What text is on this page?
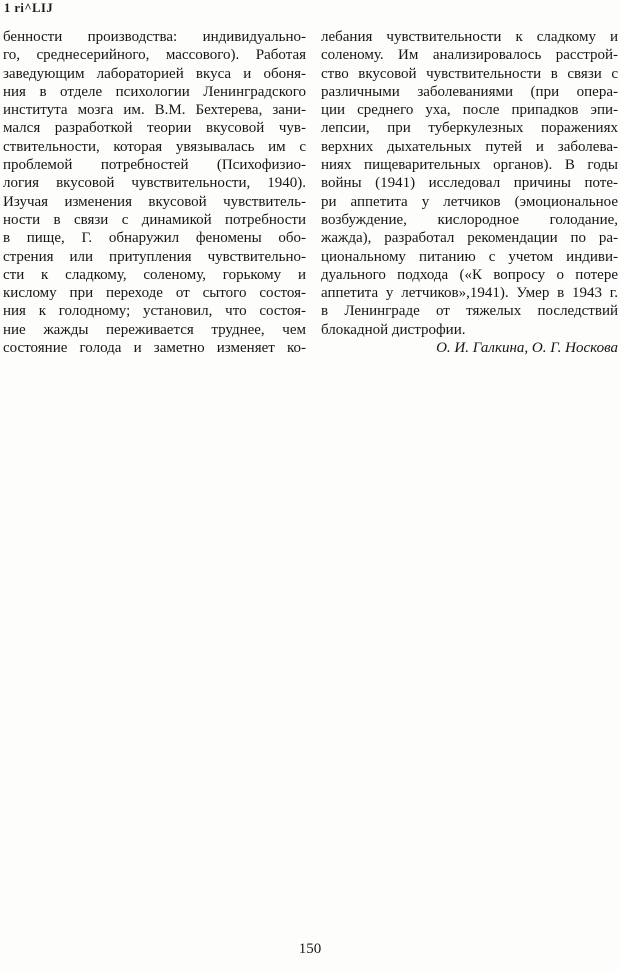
1 ri^LIJ
бенности производства: индивидуально-
го, среднесерийного, массового). Работая
заведующим лабораторией вкуса и обоня-
ния в отделе психологии Ленинградского
института мозга им. В.М. Бехтерева, зани-
мался разработкой теории вкусовой чув-
ствительности, которая увязывалась им с
проблемой потребностей (Психофизио-
логия вкусовой чувствительности, 1940).
Изучая изменения вкусовой чувствитель-
ности в связи с динамикой потребности
в пище, Г. обнаружил феномены обо-
стрения или притупления чувствительно-
сти к сладкому, соленому, горькому и
кислому при переходе от сытого состоя-
ния к голодному; установил, что состоя-
ние жажды переживается труднее, чем
состояние голода и заметно изменяет ко-
лебания чувствительности к сладкому и
соленому. Им анализировалось расстрой-
ство вкусовой чувствительности в связи с
различными заболеваниями (при опера-
ции среднего уха, после припадков эпи-
лепсии, при туберкулезных поражениях
верхних дыхательных путей и заболева-
ниях пищеварительных органов). В годы
войны (1941) исследовал причины поте-
ри аппетита у летчиков (эмоциональное
возбуждение, кислородное голодание,
жажда), разработал рекомендации по ра-
циональному питанию с учетом индиви-
дуального подхода («К вопросу о потере
аппетита у летчиков»,1941). Умер в 1943 г.
в Ленинграде от тяжелых последствий
блокадной дистрофии.
О. И. Галкина, О. Г. Носкова
150
